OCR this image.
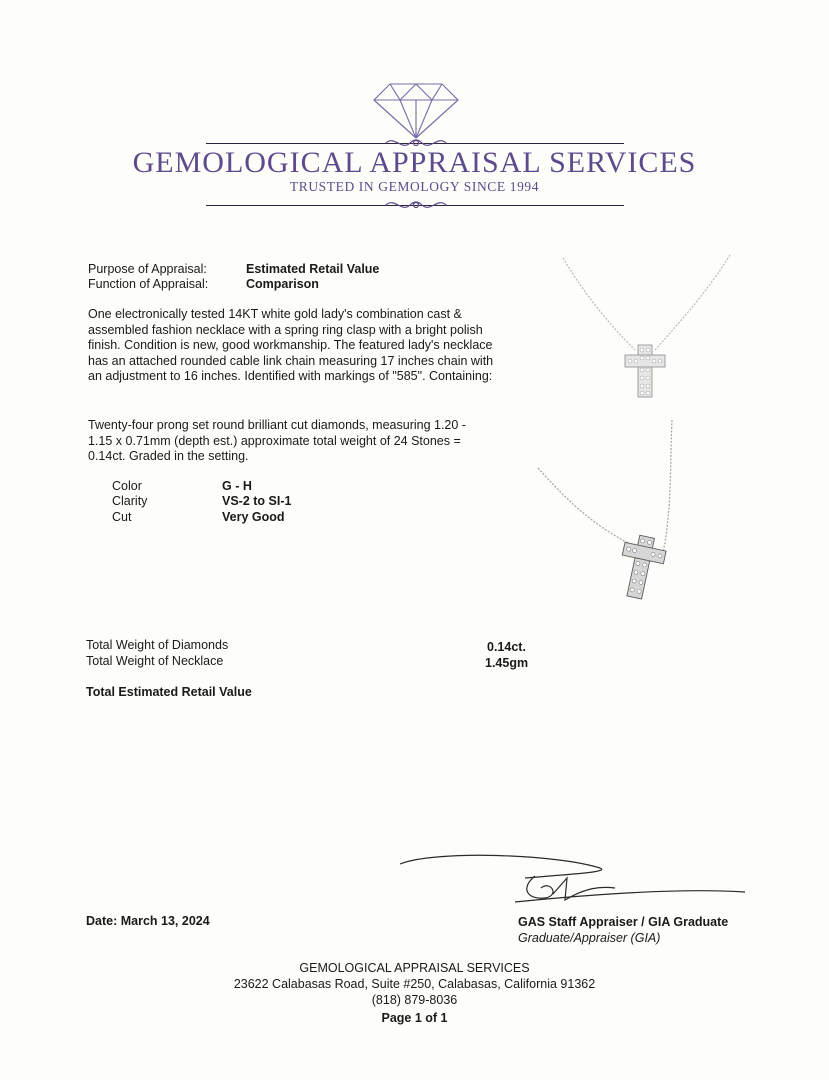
GEMOLOGICAL APPRAISAL SERVICES
TRUSTED IN GEMOLOGY SINCE 1994
Purpose of Appraisal:	Estimated Retail Value
Function of Appraisal:	Comparison
One electronically tested 14KT white gold lady's combination cast & assembled fashion necklace with a spring ring clasp with a bright polish finish. Condition is new, good workmanship. The featured lady's necklace has an attached rounded cable link chain measuring 17 inches chain with an adjustment to 16 inches. Identified with markings of "585". Containing:
Twenty-four prong set round brilliant cut diamonds, measuring 1.20 - 1.15 x 0.71mm (depth est.) approximate total weight of 24 Stones = 0.14ct. Graded in the setting.
Color	G - H
Clarity	VS-2 to SI-1
Cut	Very Good
Total Weight of Diamonds	0.14ct.
Total Weight of Necklace	1.45gm
Total Estimated Retail Value
Date: March 13, 2024	GAS Staff Appraiser / GIA Graduate
Graduate/Appraiser (GIA)
GEMOLOGICAL APPRAISAL SERVICES
23622 Calabasas Road, Suite #250, Calabasas, California 91362
(818) 879-8036
Page 1 of 1
